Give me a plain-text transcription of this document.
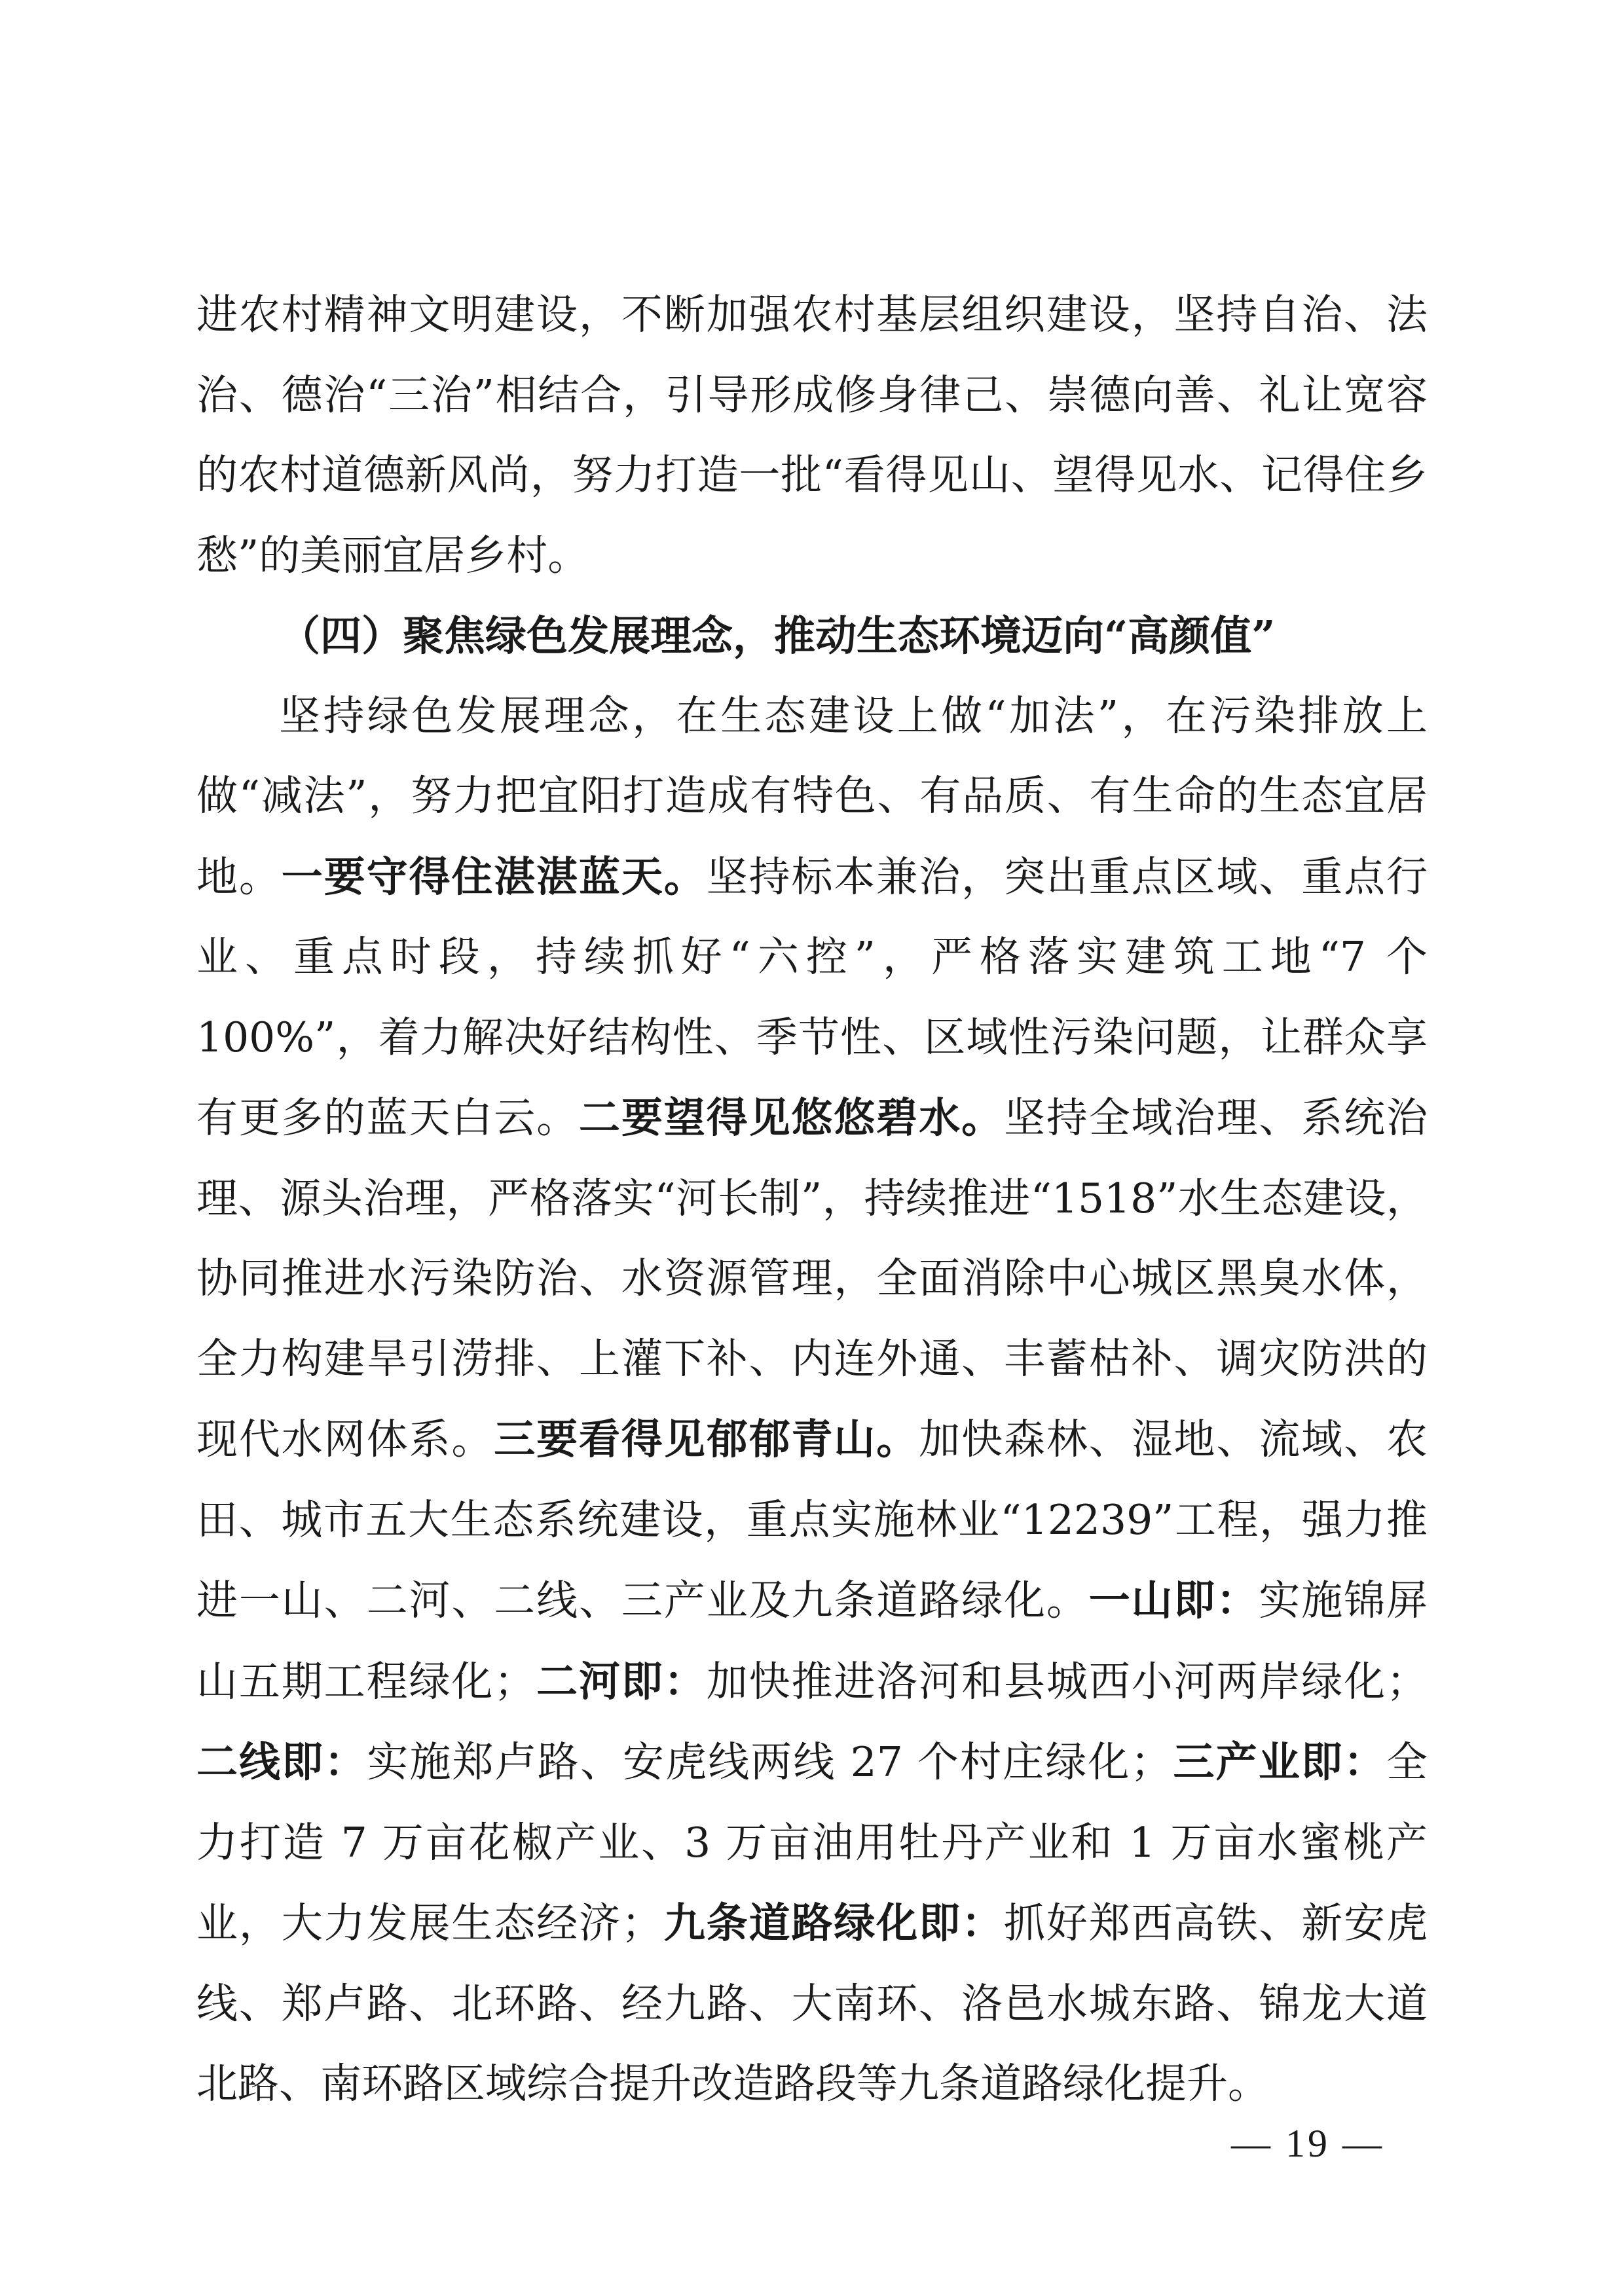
进农村精神文明建设，不断加强农村基层组织建设，坚持自治、法治、德治“三治”相结合，引导形成修身律己、崇德向善、礼让宽容的农村道德新风尚，努力打造一批“看得见山、望得见水、记得住乡愁”的美丽宜居乡村。

（四）聚焦绿色发展理念，推动生态环境迈向“高颜值”

坚持绿色发展理念，在生态建设上做“加法”，在污染排放上做“减法”，努力把宜阳打造成有特色、有品质、有生命的生态宜居地。一要守得住湛湛蓝天。坚持标本兼治，突出重点区域、重点行业、重点时段，持续抓好“六控”，严格落实建筑工地“7 个 100%”，着力解决好结构性、季节性、区域性污染问题，让群众享有更多的蓝天白云。二要望得见悠悠碧水。坚持全域治理、系统治理、源头治理，严格落实“河长制”，持续推进“1518”水生态建设，协同推进水污染防治、水资源管理，全面消除中心城区黑臭水体，全力构建旱引涝排、上灌下补、内连外通、丰蓄枯补、调灾防洪的现代水网体系。三要看得见郁郁青山。加快森林、湿地、流域、农田、城市五大生态系统建设，重点实施林业“12239”工程，强力推进一山、二河、二线、三产业及九条道路绿化。一山即：实施锦屏山五期工程绿化；二河即：加快推进洛河和县城西小河两岸绿化；二线即：实施郑卢路、安虎线两线 27 个村庄绿化；三产业即：全力打造 7 万亩花椒产业、3 万亩油用牡丹产业和 1 万亩水蜜桃产业，大力发展生态经济；九条道路绿化即：抓好郑西高铁、新安虎线、郑卢路、北环路、经九路、大南环、洛邑水城东路、锦龙大道北路、南环路区域综合提升改造路段等九条道路绿化提升。

— 19 —
